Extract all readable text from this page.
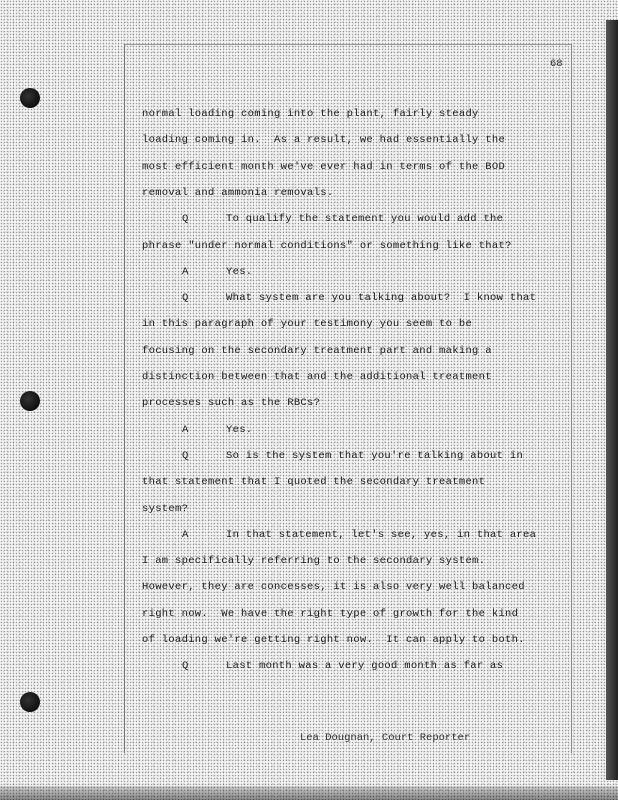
68
normal loading coming into the plant, fairly steady
loading coming in.  As a result, we had essentially the
most efficient month we've ever had in terms of the BOD
removal and ammonia removals.
Q	To qualify the statement you would add the
phrase "under normal conditions" or something like that?
A	Yes.
Q	What system are you talking about?  I know that
in this paragraph of your testimony you seem to be
focusing on the secondary treatment part and making a
distinction between that and the additional treatment
processes such as the RBCs?
A	Yes.
Q	So is the system that you're talking about in
that statement that I quoted the secondary treatment
system?
A	In that statement, let's see, yes, in that area
I am specifically referring to the secondary system.
However, they are concesses, it is also very well balanced
right now.  We have the right type of growth for the kind
of loading we're getting right now.  It can apply to both.
Q	Last month was a very good month as far as
Lea Dougnan, Court Reporter
